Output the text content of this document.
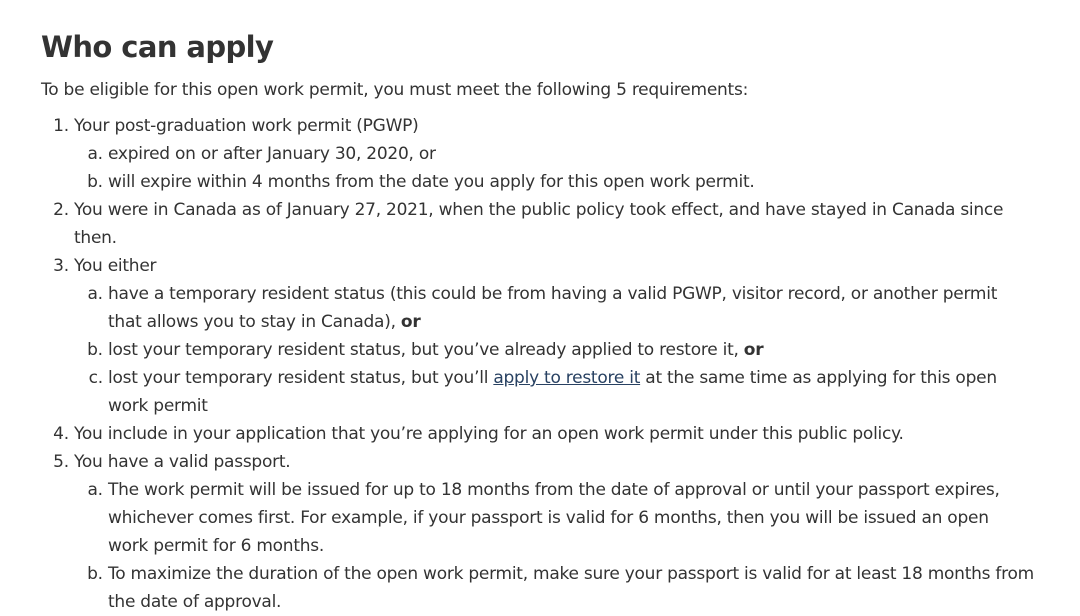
Who can apply

To be eligible for this open work permit, you must meet the following 5 requirements:

1. Your post-graduation work permit (PGWP)
a. expired on or after January 30, 2020, or
b. will expire within 4 months from the date you apply for this open work permit.
2. You were in Canada as of January 27, 2021, when the public policy took effect, and have stayed in Canada since then.
3. You either
a. have a temporary resident status (this could be from having a valid PGWP, visitor record, or another permit that allows you to stay in Canada), or
b. lost your temporary resident status, but you’ve already applied to restore it, or
c. lost your temporary resident status, but you’ll apply to restore it at the same time as applying for this open work permit
4. You include in your application that you’re applying for an open work permit under this public policy.
5. You have a valid passport.
a. The work permit will be issued for up to 18 months from the date of approval or until your passport expires, whichever comes first. For example, if your passport is valid for 6 months, then you will be issued an open work permit for 6 months.
b. To maximize the duration of the open work permit, make sure your passport is valid for at least 18 months from the date of approval.
